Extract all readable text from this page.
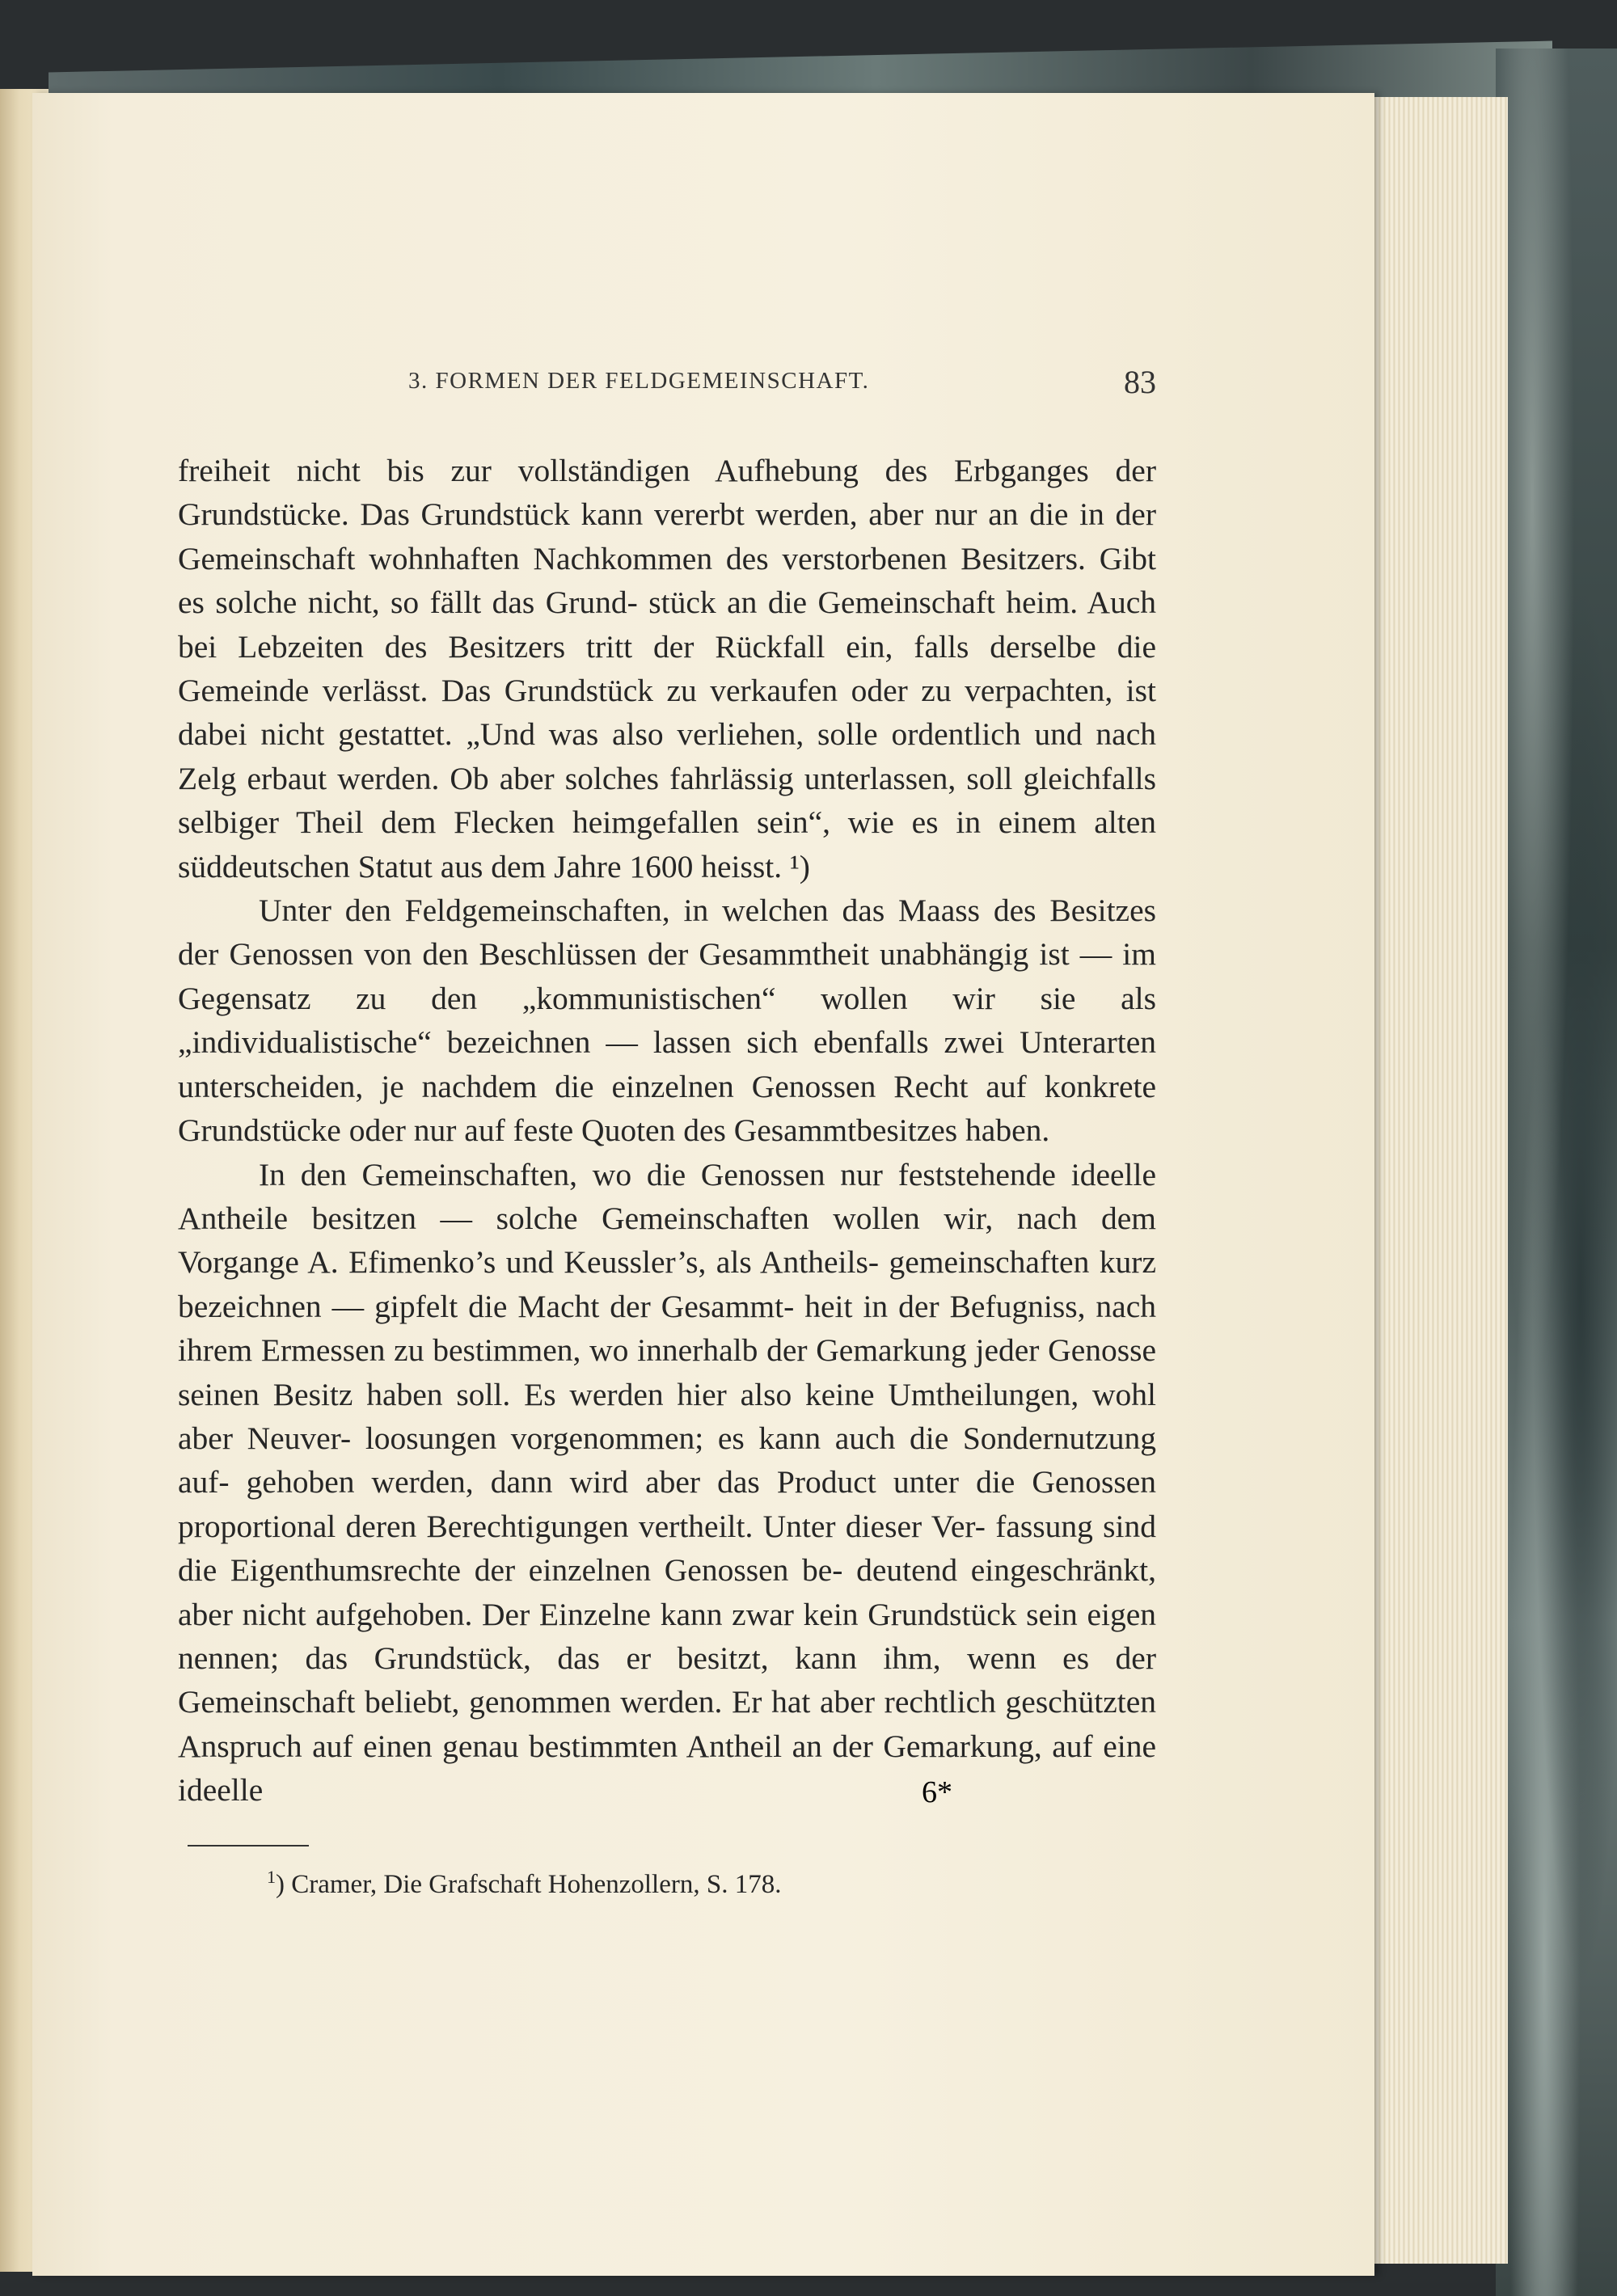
3. FORMEN DER FELDGEMEINSCHAFT.	83

freiheit nicht bis zur vollständigen Aufhebung des Erbganges der Grundstücke. Das Grundstück kann vererbt werden, aber nur an die in der Gemeinschaft wohnhaften Nachkommen des verstorbenen Besitzers. Gibt es solche nicht, so fällt das Grund- stück an die Gemeinschaft heim. Auch bei Lebzeiten des Besitzers tritt der Rückfall ein, falls derselbe die Gemeinde verlässt. Das Grundstück zu verkaufen oder zu verpachten, ist dabei nicht gestattet. „Und was also verliehen, solle ordentlich und nach Zelg erbaut werden. Ob aber solches fahrlässig unterlassen, soll gleichfalls selbiger Theil dem Flecken heimgefallen sein“, wie es in einem alten süddeutschen Statut aus dem Jahre 1600 heisst. ¹)

Unter den Feldgemeinschaften, in welchen das Maass des Besitzes der Genossen von den Beschlüssen der Gesammtheit unabhängig ist — im Gegensatz zu den „kommunistischen“ wollen wir sie als „individualistische“ bezeichnen — lassen sich ebenfalls zwei Unterarten unterscheiden, je nachdem die einzelnen Genossen Recht auf konkrete Grundstücke oder nur auf feste Quoten des Gesammtbesitzes haben.

In den Gemeinschaften, wo die Genossen nur feststehende ideelle Antheile besitzen — solche Gemeinschaften wollen wir, nach dem Vorgange A. Efimenko’s und Keussler’s, als Antheils- gemeinschaften kurz bezeichnen — gipfelt die Macht der Gesammt- heit in der Befugniss, nach ihrem Ermessen zu bestimmen, wo innerhalb der Gemarkung jeder Genosse seinen Besitz haben soll. Es werden hier also keine Umtheilungen, wohl aber Neuver- loosungen vorgenommen; es kann auch die Sondernutzung auf- gehoben werden, dann wird aber das Product unter die Genossen proportional deren Berechtigungen vertheilt. Unter dieser Ver- fassung sind die Eigenthumsrechte der einzelnen Genossen be- deutend eingeschränkt, aber nicht aufgehoben. Der Einzelne kann zwar kein Grundstück sein eigen nennen; das Grundstück, das er besitzt, kann ihm, wenn es der Gemeinschaft beliebt, genommen werden. Er hat aber rechtlich geschützten Anspruch auf einen genau bestimmten Antheil an der Gemarkung, auf eine ideelle

$^1$) Cramer, Die Grafschaft Hohenzollern, S. 178.
6*
